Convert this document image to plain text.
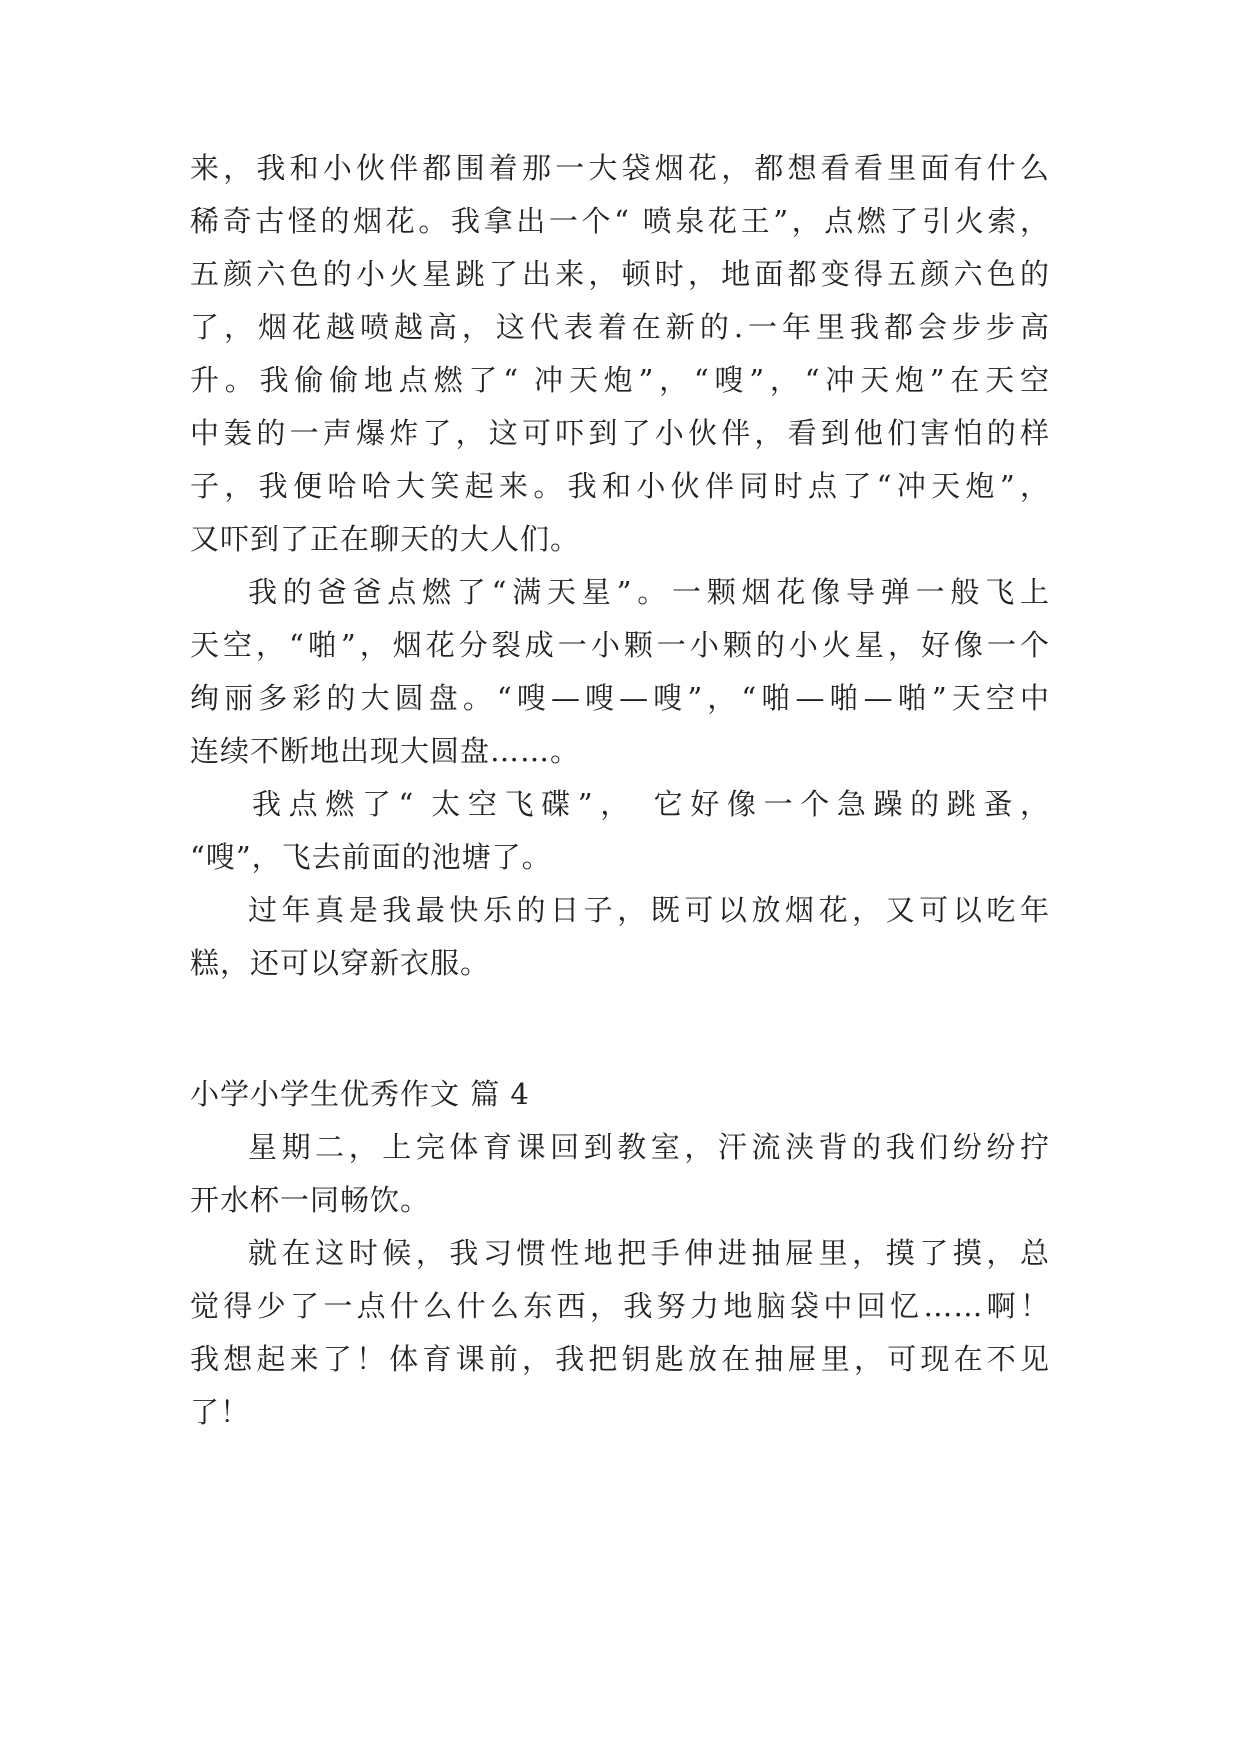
来，我和小伙伴都围着那一大袋烟花，都想看看里面有什么
稀奇古怪的烟花。我拿出一个“ 喷泉花王”，点燃了引火索，
五颜六色的小火星跳了出来，顿时，地面都变得五颜六色的
了，烟花越喷越高，这代表着在新的.一年里我都会步步高
升。我偷偷地点燃了“ 冲天炮”，“嗖”，“冲天炮”在天空
中轰的一声爆炸了，这可吓到了小伙伴，看到他们害怕的样
子，我便哈哈大笑起来。我和小伙伴同时点了“冲天炮”，
又吓到了正在聊天的大人们。
我的爸爸点燃了“满天星”。一颗烟花像导弹一般飞上
天空，“啪”，烟花分裂成一小颗一小颗的小火星，好像一个
绚丽多彩的大圆盘。“嗖—嗖—嗖”，“啪—啪—啪”天空中
连续不断地出现大圆盘……。
我点燃了“ 太空飞碟”， 它好像一个急躁的跳蚤，
“嗖”，飞去前面的池塘了。
过年真是我最快乐的日子，既可以放烟花，又可以吃年
糕，还可以穿新衣服。
小学小学生优秀作文 篇 4
星期二，上完体育课回到教室，汗流浃背的我们纷纷拧
开水杯一同畅饮。
就在这时候，我习惯性地把手伸进抽屉里，摸了摸，总
觉得少了一点什么什么东西，我努力地脑袋中回忆……啊！
我想起来了！体育课前，我把钥匙放在抽屉里，可现在不见
了！
